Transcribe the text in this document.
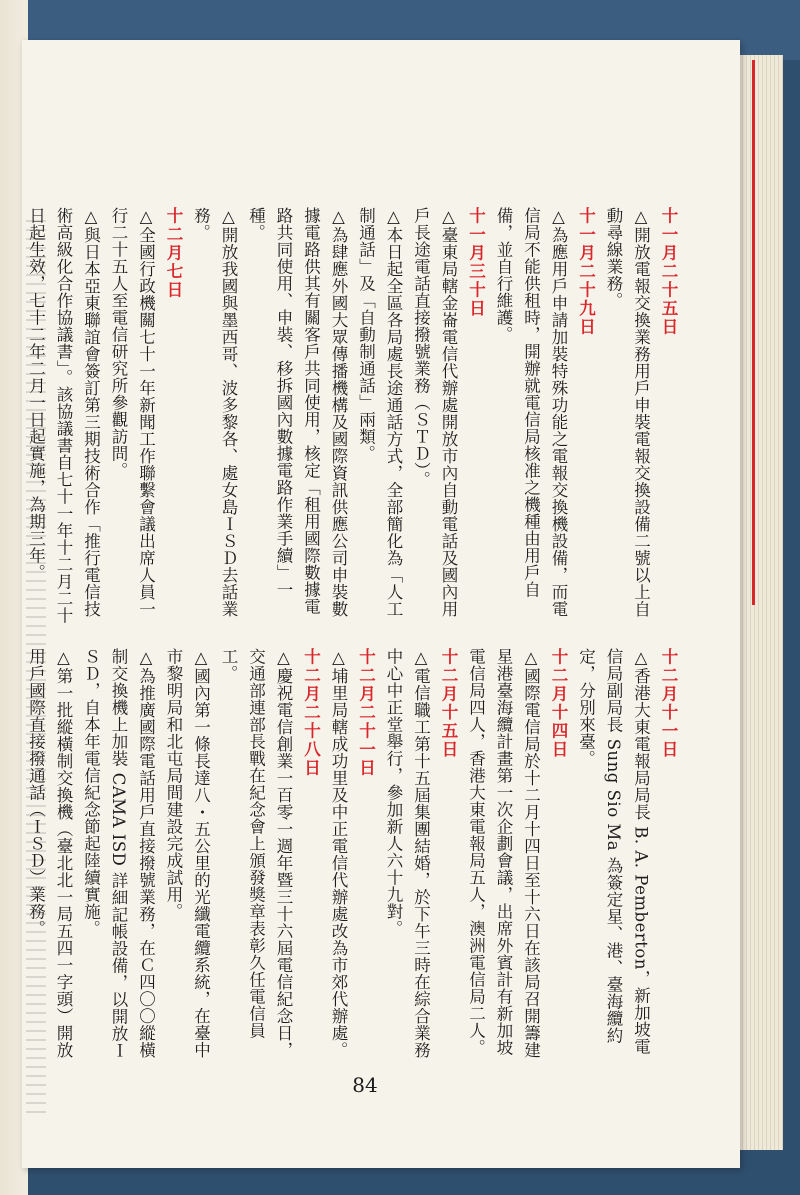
十一月二十五日
△開放電報交換業務用戶申裝電報交換設備二號以上自動尋線業務。
十一月二十九日
△為應用戶申請加裝特殊功能之電報交換機設備，而電信局不能供租時，開辦就電信局核准之機種由用戶自備，並自行維護。
十一月三十日
△臺東局轄金崙電信代辦處開放市內自動電話及國內用戶長途電話直接撥號業務（ＳＴＤ）。
△本日起全區各局處長途通話方式，全部簡化為「人工制通話」及「自動制通話」兩類。
△為肆應外國大眾傳播機構及國際資訊供應公司申裝數據電路供其有關客戶共同使用，核定「租用國際數據電路共同使用、申裝、移拆國內數據電路作業手續」一種。
△開放我國與墨西哥、波多黎各、處女島ＩＳＤ去話業務。
十二月七日
△全國行政機關七十一年新聞工作聯繫會議出席人員一行二十五人至電信研究所參觀訪問。
△與日本亞東聯誼會簽訂第三期技術合作「推行電信技術高級化合作協議書」。該協議書自七十一年十二月二十日起生效，七十二年二月一日起實施，為期三年。
十二月十一日
△香港大東電報局局長 B. A. Pemberton，新加坡電信局副局長 Sung Sio Ma 為簽定星、港、臺海纜約定，分別來臺。
十二月十四日
△國際電信局於十二月十四日至十六日在該局召開籌建星港臺海纜計畫第一次企劃會議，出席外賓計有新加坡電信局四人，香港大東電報局五人，澳洲電信局二人。
十二月十五日
△電信職工第十五屆集團結婚，於下午三時在綜合業務中心中正堂舉行，參加新人六十九對。
十二月二十一日
△埔里局轄成功里及中正電信代辦處改為市郊代辦處。
十二月二十八日
△慶祝電信創業一百零一週年暨三十六屆電信紀念日，交通部連部長戰在紀念會上頒發獎章表彰久任電信員工。
△國內第一條長達八・五公里的光纖電纜系統，在臺中市黎明局和北屯局間建設完成試用。
△為推廣國際電話用戶直接撥號業務，在Ｃ四〇〇縱橫制交換機上加裝 CAMA ISD 詳細記帳設備，以開放ＩＳＤ，自本年電信紀念節起陸續實施。
△第一批縱橫制交換機（臺北北一局五四一字頭）開放用戶國際直接撥通話（ＩＳＤ）業務。
84
